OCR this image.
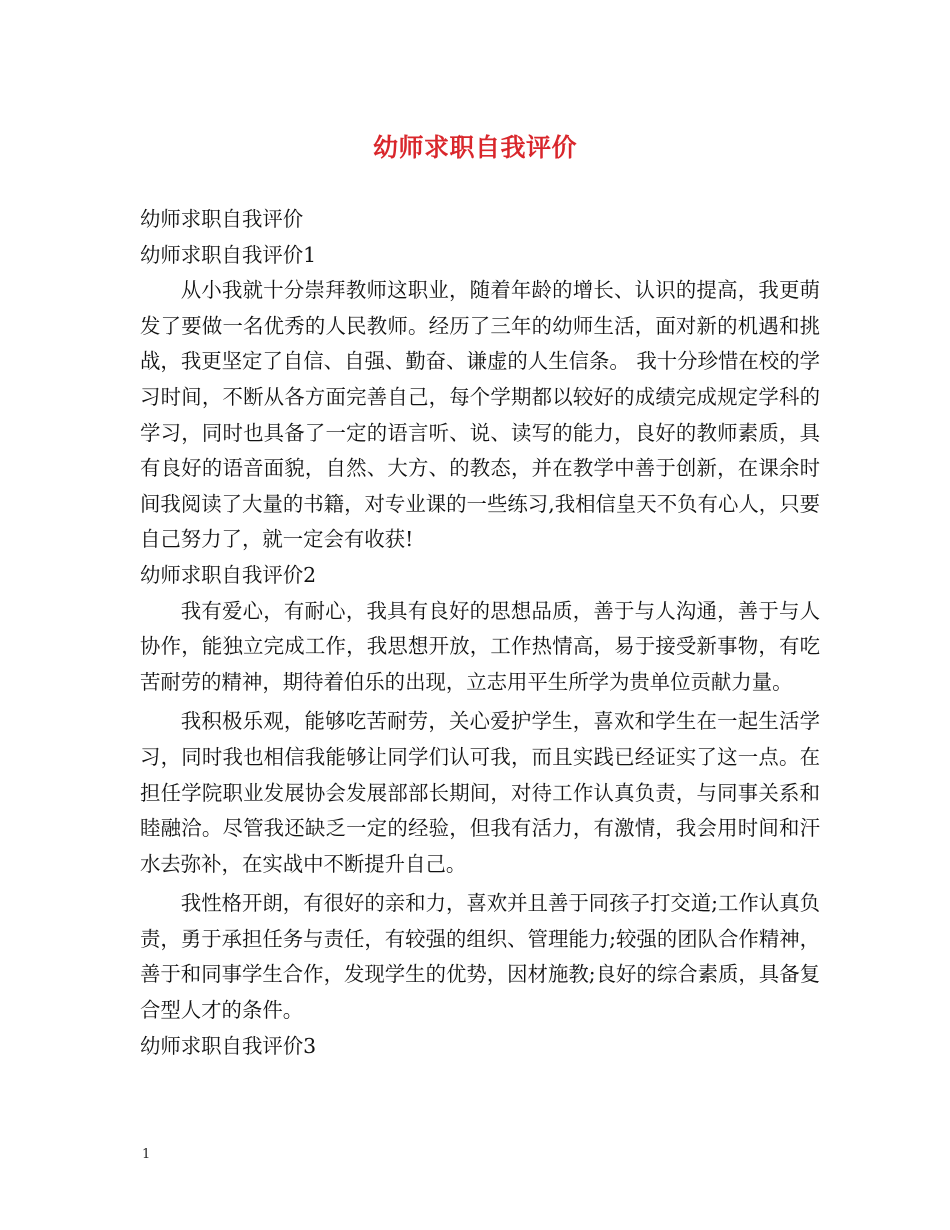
幼师求职自我评价

幼师求职自我评价

幼师求职自我评价1

从小我就十分崇拜教师这职业，随着年龄的增长、认识的提高，我更萌发了要做一名优秀的人民教师。经历了三年的幼师生活，面对新的机遇和挑战，我更坚定了自信、自强、勤奋、谦虚的人生信条。 我十分珍惜在校的学习时间，不断从各方面完善自己，每个学期都以较好的成绩完成规定学科的学习，同时也具备了一定的语言听、说、读写的能力，良好的教师素质，具有良好的语音面貌，自然、大方、的教态，并在教学中善于创新，在课余时间我阅读了大量的书籍，对专业课的一些练习,我相信皇天不负有心人，只要自己努力了，就一定会有收获!

幼师求职自我评价2

我有爱心，有耐心，我具有良好的思想品质，善于与人沟通，善于与人协作，能独立完成工作，我思想开放，工作热情高，易于接受新事物，有吃苦耐劳的精神，期待着伯乐的出现，立志用平生所学为贵单位贡献力量。

我积极乐观，能够吃苦耐劳，关心爱护学生，喜欢和学生在一起生活学习，同时我也相信我能够让同学们认可我，而且实践已经证实了这一点。在担任学院职业发展协会发展部部长期间，对待工作认真负责，与同事关系和睦融洽。尽管我还缺乏一定的经验，但我有活力，有激情，我会用时间和汗水去弥补，在实战中不断提升自己。

我性格开朗，有很好的亲和力，喜欢并且善于同孩子打交道;工作认真负责，勇于承担任务与责任，有较强的组织、管理能力;较强的团队合作精神，善于和同事学生合作，发现学生的优势，因材施教;良好的综合素质，具备复合型人才的条件。

幼师求职自我评价3

1
